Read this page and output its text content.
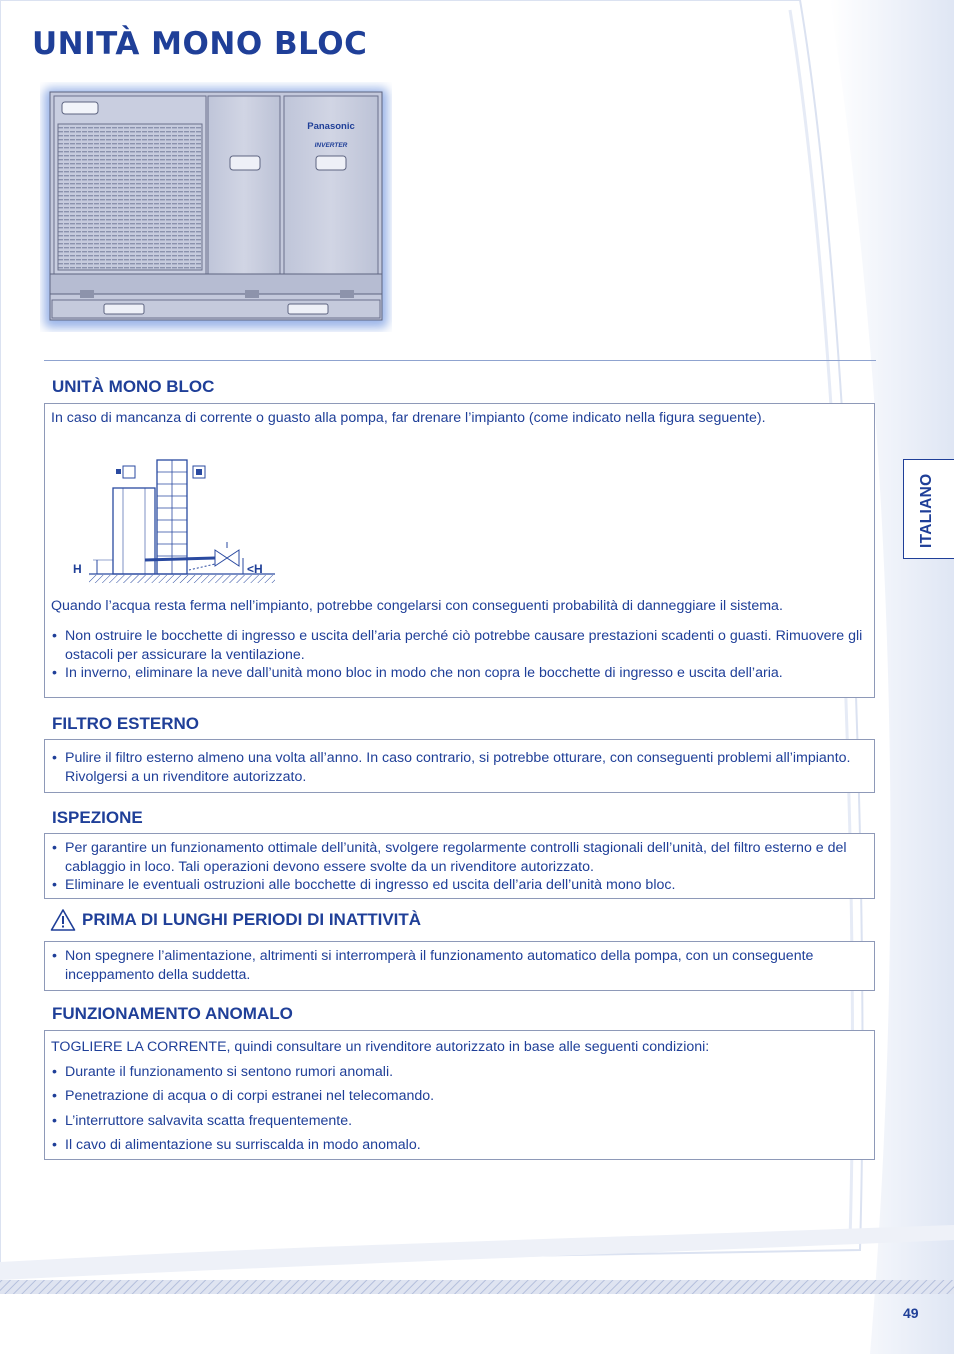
UNITÀ MONO BLOC
Panasonic
INVERTER
UNITÀ MONO BLOC

In caso di mancanza di corrente o guasto alla pompa, far drenare l’impianto (come indicato nella figura seguente).

H	<H

Quando l’acqua resta ferma nell’impianto, potrebbe congelarsi con conseguenti probabilità di danneggiare il sistema.

• Non ostruire le bocchette di ingresso e uscita dell’aria perché ciò potrebbe causare prestazioni scadenti o guasti. Rimuovere gli ostacoli per assicurare la ventilazione.
• In inverno, eliminare la neve dall’unità mono bloc in modo che non copra le bocchette di ingresso e uscita dell’aria.
FILTRO ESTERNO
• Pulire il filtro esterno almeno una volta all’anno. In caso contrario, si potrebbe otturare, con conseguenti problemi all’impianto. Rivolgersi a un rivenditore autorizzato.
ISPEZIONE
• Per garantire un funzionamento ottimale dell’unità, svolgere regolarmente controlli stagionali dell’unità, del filtro esterno e del cablaggio in loco. Tali operazioni devono essere svolte da un rivenditore autorizzato.
• Eliminare le eventuali ostruzioni alle bocchette di ingresso ed uscita dell’aria dell’unità mono bloc.
PRIMA DI LUNGHI PERIODI DI INATTIVITÀ
• Non spegnere l’alimentazione, altrimenti si interromperà il funzionamento automatico della pompa, con un conseguente inceppamento della suddetta.
FUNZIONAMENTO ANOMALO

TOGLIERE LA CORRENTE, quindi consultare un rivenditore autorizzato in base alle seguenti condizioni:

• Durante il funzionamento si sentono rumori anomali.
• Penetrazione di acqua o di corpi estranei nel telecomando.
• L’interruttore salvavita scatta frequentemente.
• Il cavo di alimentazione su surriscalda in modo anomalo.
ITALIANO
49
